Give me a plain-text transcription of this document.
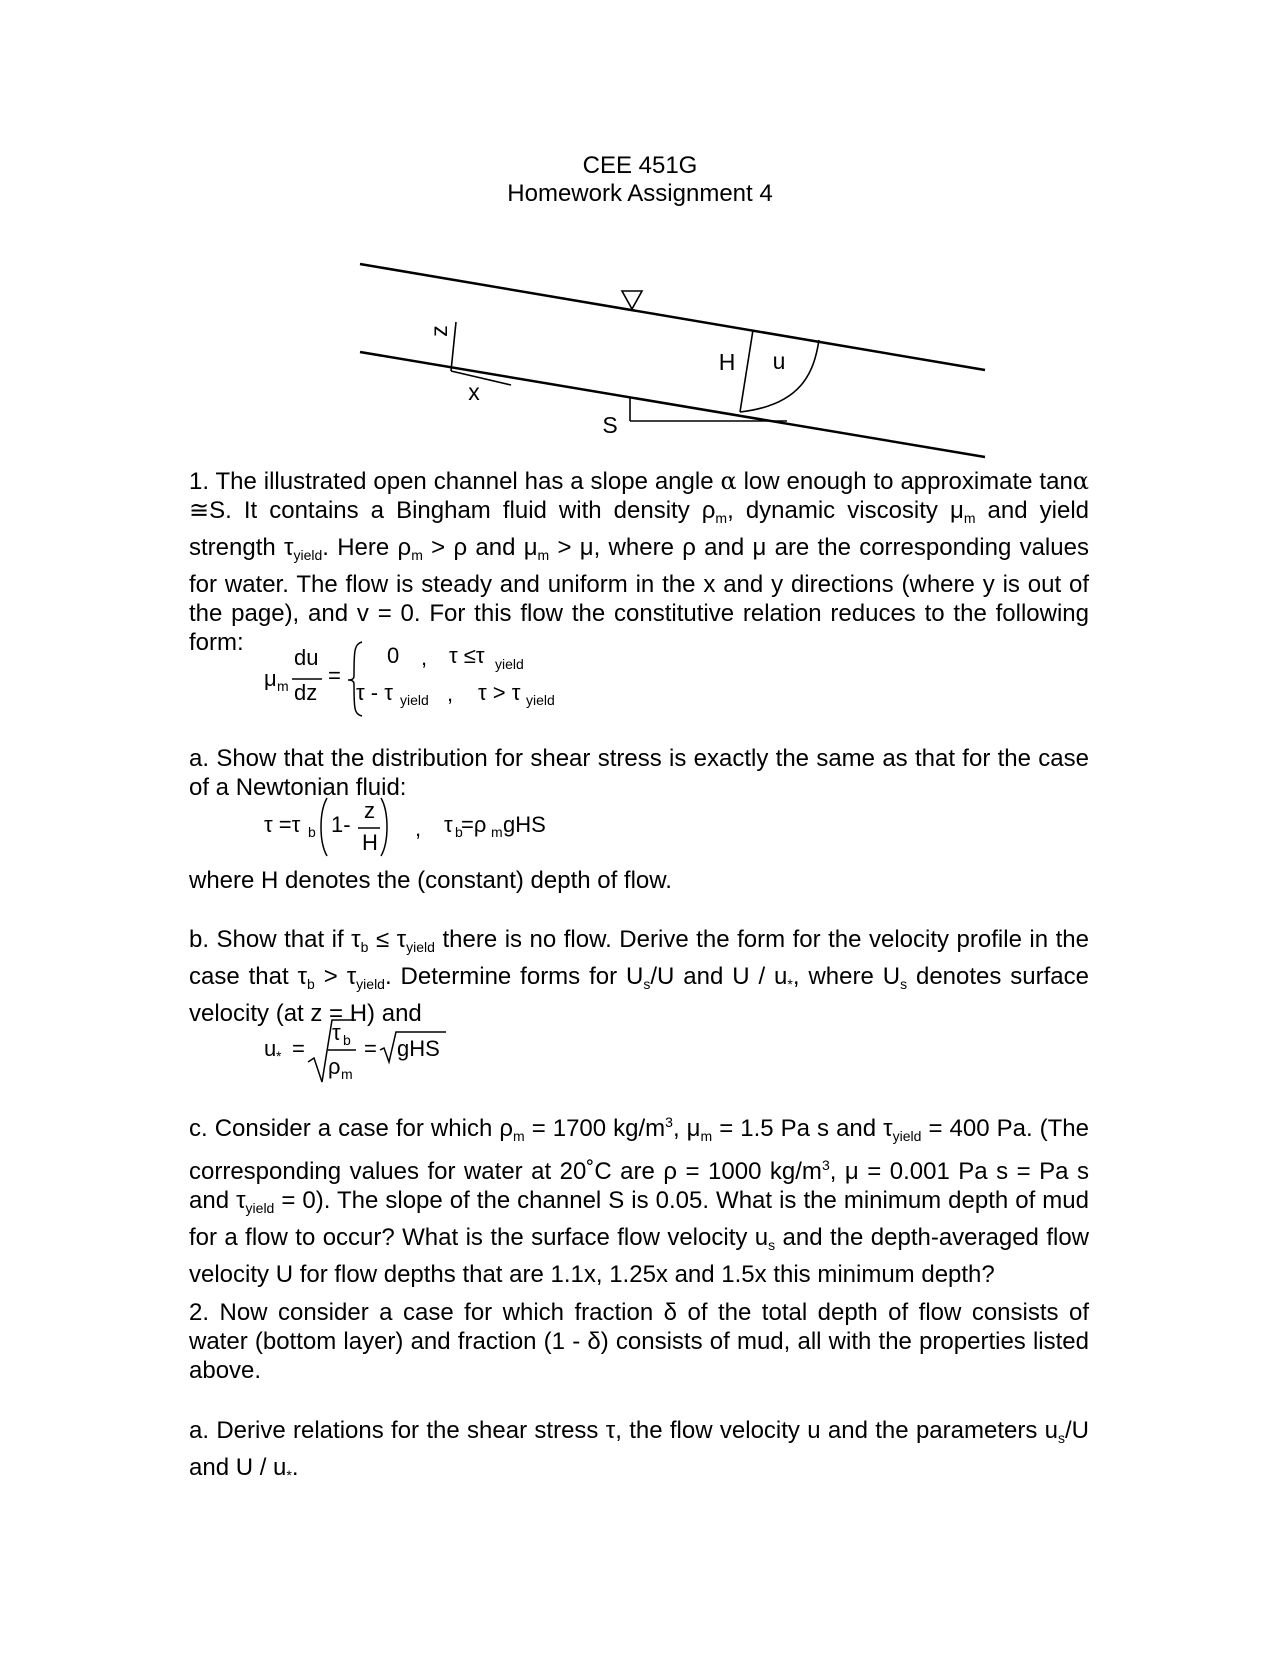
CEE 451G
Homework Assignment 4
z
x
H u
S

1. The illustrated open channel has a slope angle α low enough to approximate tanα ≅S. It contains a Bingham fluid with density $\rho_m$, dynamic viscosity $\mu_m$ and yield strength $\tau_{yield}$. Here $\rho_m > \rho$ and $\mu_m > \mu$, where ρ and μ are the corresponding values for water. The flow is steady and uniform in the x and y directions (where y is out of the page), and v = 0. For this flow the constitutive relation reduces to the following form:

μ m
du
dz
=
0 , τ ≤τ yield
τ - τ yield , τ > τ yield

a. Show that the distribution for shear stress is exactly the same as that for the case of a Newtonian fluid:

τ =τ b 1-
z
H
, τ b
=ρ m gHS

where H denotes the (constant) depth of flow.

b. Show that if $\tau_b \le \tau_{yield}$ there is no flow. Derive the form for the velocity profile in the case that $\tau_b > \tau_{yield}$. Determine forms for $U_s/U$ and U / $u_*$, where $U_s$ denotes surface velocity (at z = H) and

u * =
τ b
ρ m
= gHS

c. Consider a case for which $\rho_m = 1700$ $kg/m^3$, $\mu_m = 1.5$ Pa s and $\tau_{yield} = 400$ Pa. (The corresponding values for water at 20˚C are ρ = 1000 $kg/m^3$, μ = 0.001 Pa s = Pa s and $\tau_{yield} = 0$). The slope of the channel S is 0.05. What is the minimum depth of mud for a flow to occur? What is the surface flow velocity $u_s$ and the depth-averaged flow velocity U for flow depths that are 1.1x, 1.25x and 1.5x this minimum depth?

2. Now consider a case for which fraction δ of the total depth of flow consists of water (bottom layer) and fraction (1 - δ) consists of mud, all with the properties listed above.

a. Derive relations for the shear stress τ, the flow velocity u and the parameters $u_s/U$ and U / $u_*$.
